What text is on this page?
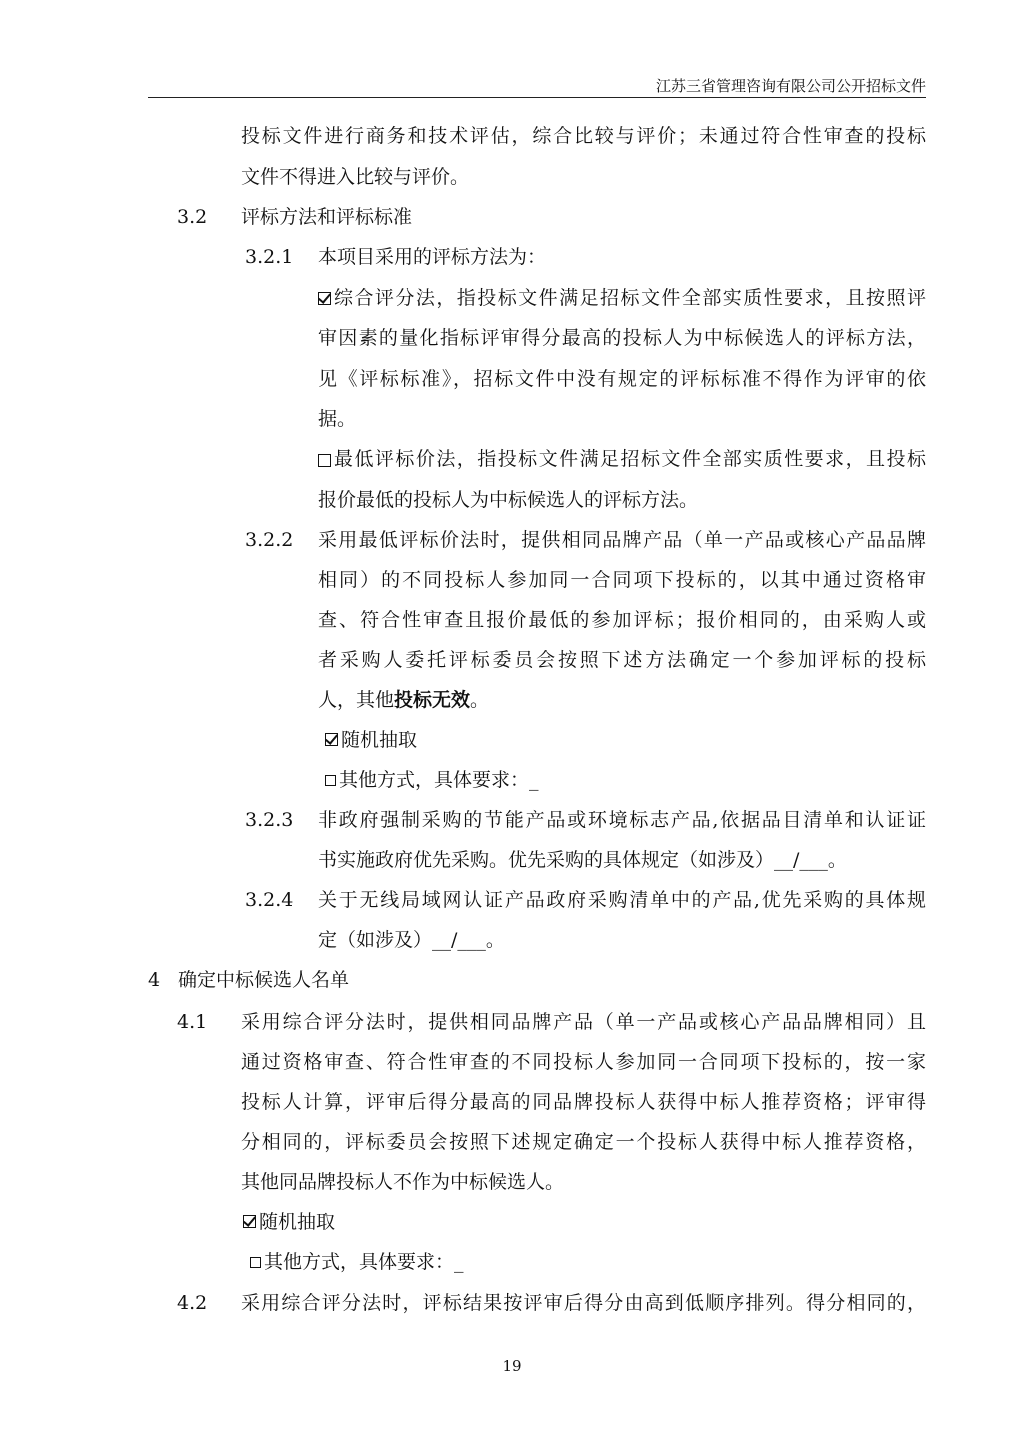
江苏三省管理咨询有限公司公开招标文件
投标文件进行商务和技术评估，综合比较与评价；未通过符合性审查的投标
文件不得进入比较与评价。
3.2 评标方法和评标标准
3.2.1 本项目采用的评标方法为：
综合评分法，指投标文件满足招标文件全部实质性要求，且按照评
审因素的量化指标评审得分最高的投标人为中标候选人的评标方法，
见《评标标准》，招标文件中没有规定的评标标准不得作为评审的依
据。
最低评标价法，指投标文件满足招标文件全部实质性要求，且投标
报价最低的投标人为中标候选人的评标方法。
3.2.2 采用最低评标价法时，提供相同品牌产品（单一产品或核心产品品牌
相同）的不同投标人参加同一合同项下投标的，以其中通过资格审
查、符合性审查且报价最低的参加评标；报价相同的，由采购人或
者采购人委托评标委员会按照下述方法确定一个参加评标的投标
人，其他投标无效。
随机抽取
其他方式，具体要求：_
3.2.3 非政府强制采购的节能产品或环境标志产品,依据品目清单和认证证
书实施政府优先采购。优先采购的具体规定（如涉及）__/___。
3.2.4 关于无线局域网认证产品政府采购清单中的产品,优先采购的具体规
定（如涉及）__/___。
4 确定中标候选人名单
4.1 采用综合评分法时，提供相同品牌产品（单一产品或核心产品品牌相同）且
通过资格审查、符合性审查的不同投标人参加同一合同项下投标的，按一家
投标人计算，评审后得分最高的同品牌投标人获得中标人推荐资格；评审得
分相同的，评标委员会按照下述规定确定一个投标人获得中标人推荐资格，
其他同品牌投标人不作为中标候选人。
随机抽取
其他方式，具体要求：_
4.2 采用综合评分法时，评标结果按评审后得分由高到低顺序排列。得分相同的，
19
